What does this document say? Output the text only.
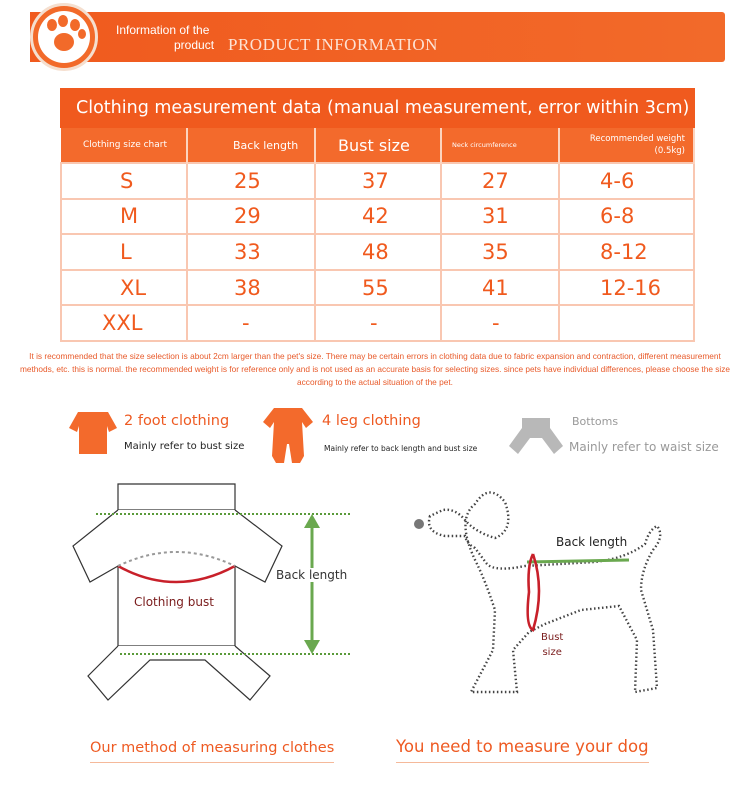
Information of the
product PRODUCT INFORMATION
Clothing measurement data (manual measurement, error within 3cm)
Clothing size chart	Back length	Bust size	Neck circumference	Recommended weight (0.5kg)
S	25	37	27	4-6
M	29	42	31	6-8
L	33	48	35	8-12
XL	38	55	41	12-16
XXL	-	-	-	
It is recommended that the size selection is about 2cm larger than the pet's size. There may be certain errors in clothing data due to fabric expansion and contraction, different measurement methods, etc. this is normal. the recommended weight is for reference only and is not used as an accurate basis for selecting sizes. since pets have individual differences, please choose the size according to the actual situation of the pet.
2 foot clothing
Mainly refer to bust size
4 leg clothing
Mainly refer to back length and bust size
Bottoms
Mainly refer to waist size
Back length
Clothing bust
Back length
Bust
size
Our method of measuring clothes	You need to measure your dog
